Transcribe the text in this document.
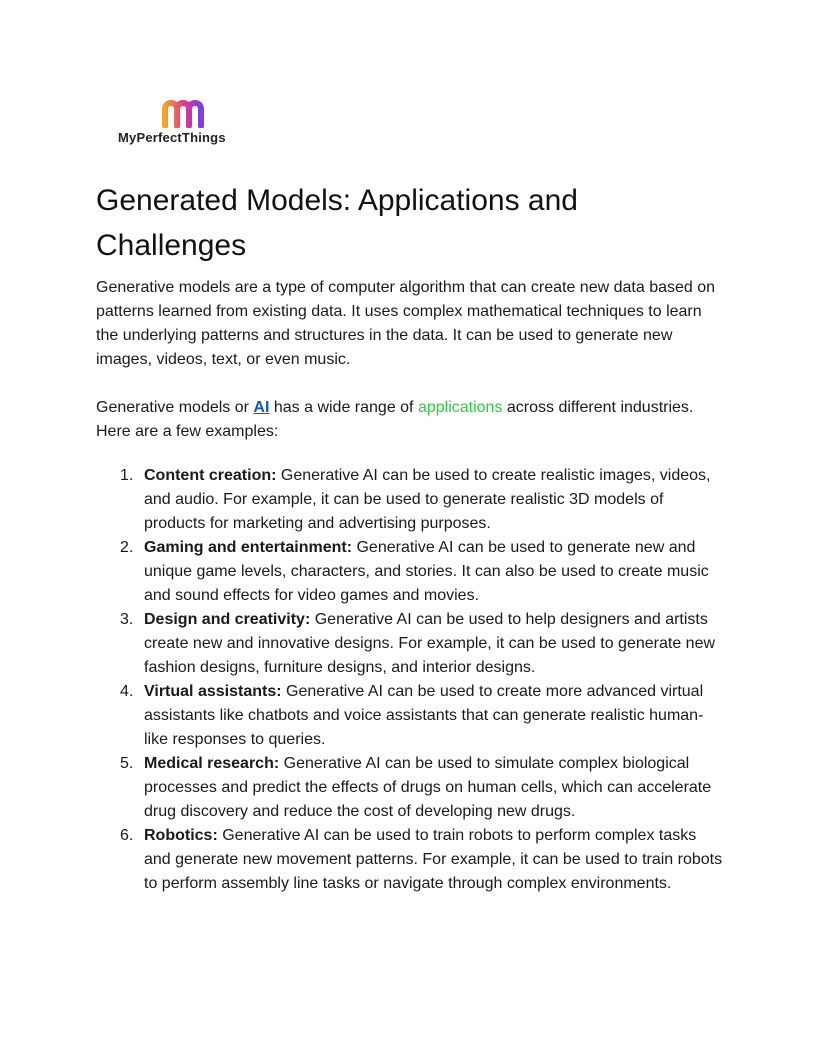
MyPerfectThings
Generated Models: Applications and Challenges

Generative models are a type of computer algorithm that can create new data based on patterns learned from existing data. It uses complex mathematical techniques to learn the underlying patterns and structures in the data. It can be used to generate new images, videos, text, or even music.

Generative models or AI has a wide range of applications across different industries. Here are a few examples:

1. Content creation: Generative AI can be used to create realistic images, videos, and audio. For example, it can be used to generate realistic 3D models of products for marketing and advertising purposes.
2. Gaming and entertainment: Generative AI can be used to generate new and unique game levels, characters, and stories. It can also be used to create music and sound effects for video games and movies.
3. Design and creativity: Generative AI can be used to help designers and artists create new and innovative designs. For example, it can be used to generate new fashion designs, furniture designs, and interior designs.
4. Virtual assistants: Generative AI can be used to create more advanced virtual assistants like chatbots and voice assistants that can generate realistic human-like responses to queries.
5. Medical research: Generative AI can be used to simulate complex biological processes and predict the effects of drugs on human cells, which can accelerate drug discovery and reduce the cost of developing new drugs.
6. Robotics: Generative AI can be used to train robots to perform complex tasks and generate new movement patterns. For example, it can be used to train robots to perform assembly line tasks or navigate through complex environments.
